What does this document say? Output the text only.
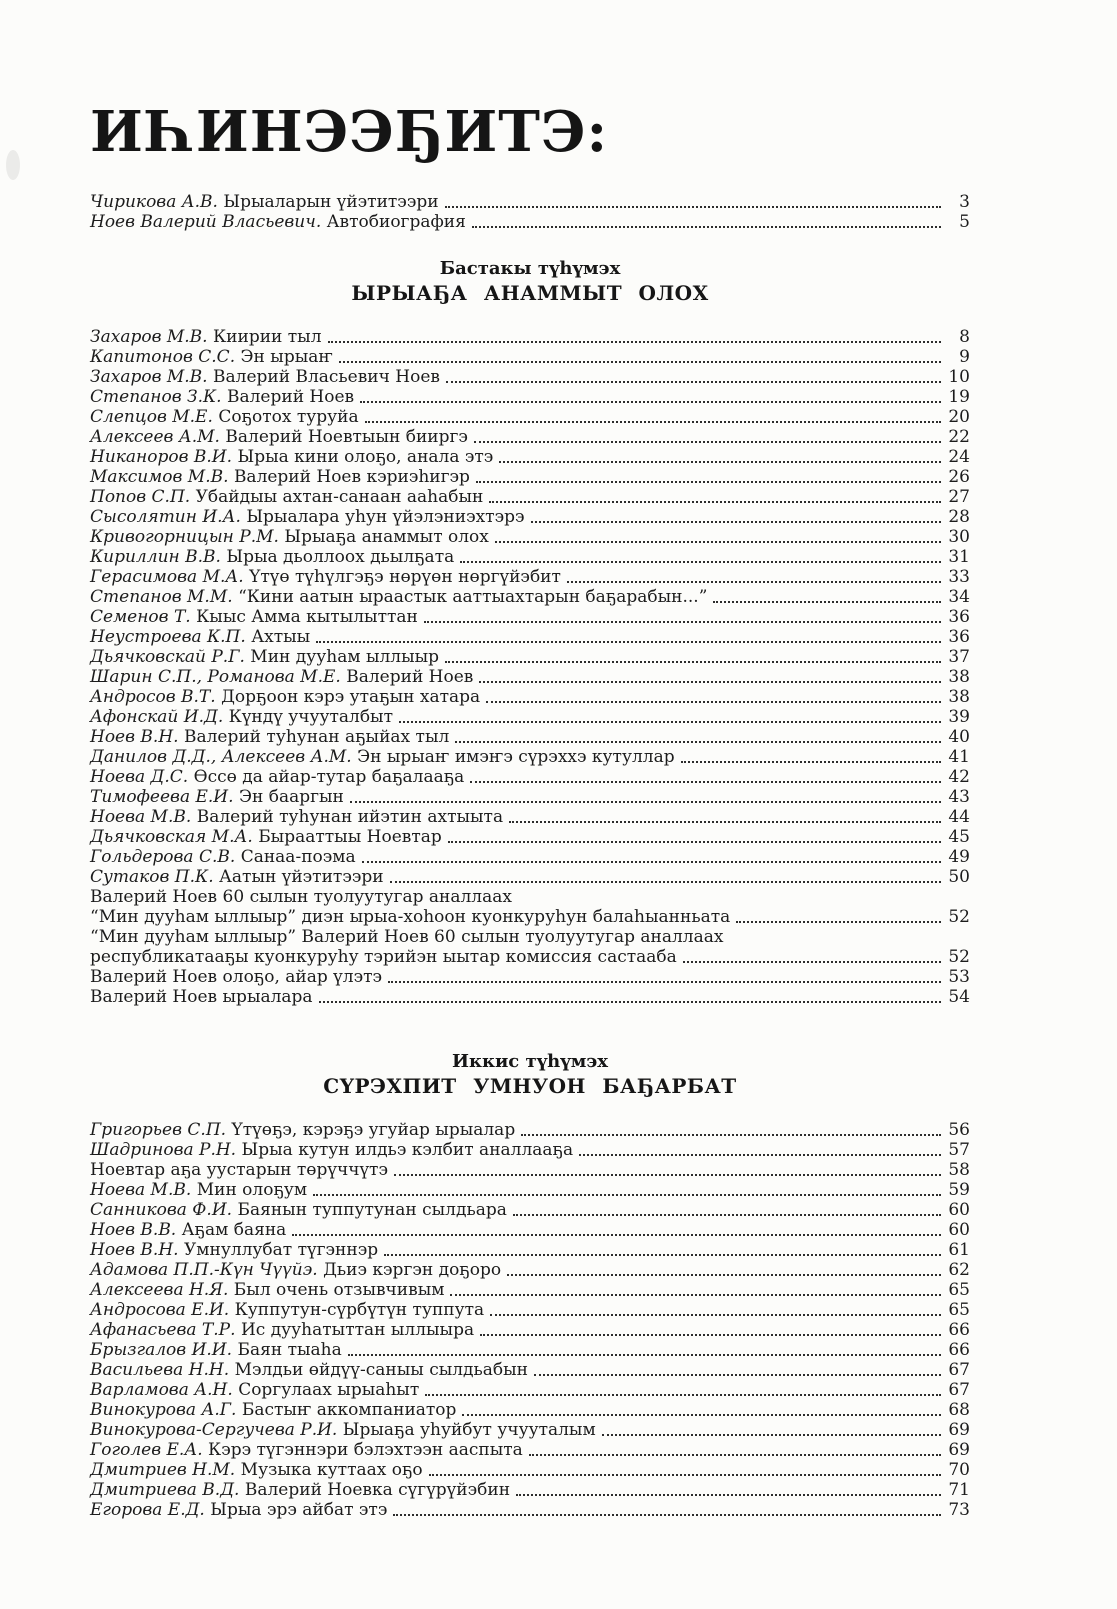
ИҺИНЭЭҔИТЭ:
Чирикова А.В. Ырыаларын үйэтитээри	3
Ноев Валерий Власьевич. Автобиография	5
Бастакы түһүмэх
ЫРЫАҔА АНАММЫТ ОЛОХ
Захаров М.В. Киирии тыл	8
Капитонов С.С. Эн ырыаҥ	9
Захаров М.В. Валерий Власьевич Ноев	10
Степанов З.К. Валерий Ноев	19
Слепцов М.Е. Соҕотох туруйа	20
Алексеев А.М. Валерий Ноевтыын бииргэ	22
Никаноров В.И. Ырыа кини олоҕо, анала этэ	24
Максимов М.В. Валерий Ноев кэриэһигэр	26
Попов С.П. Убайдыы ахтан-санаан ааһабын	27
Сысолятин И.А. Ырыалара уһун үйэлэниэхтэрэ	28
Кривогорницын Р.М. Ырыаҕа анаммыт олох	30
Кириллин В.В. Ырыа дьоллоох дьылҕата	31
Герасимова М.А. Үтүө түһүлгэҕэ нөрүөн нөргүйэбит	33
Степанов М.М. “Кини аатын ыраастык ааттыахтарын баҕарабын...”	34
Семенов Т. Кыыс Амма кытылыттан	36
Неустроева К.П. Ахтыы	36
Дьячковскай Р.Г. Мин дууһам ыллыыр	37
Шарин С.П., Романова М.Е. Валерий Ноев	38
Андросов В.Т. Дорҕоон кэрэ утаҕын хатара	38
Афонскай И.Д. Күндү учууталбыт	39
Ноев В.Н. Валерий туһунан аҕыйах тыл	40
Данилов Д.Д., Алексеев А.М. Эн ырыаҥ имэҥэ сүрэххэ кутуллар	41
Ноева Д.С. Өссө да айар-тутар баҕалааҕа	42
Тимофеева Е.И. Эн бааргын	43
Ноева М.В. Валерий туһунан ийэтин ахтыыта	44
Дьячковская М.А. Бырааттыы Ноевтар	45
Гольдерова С.В. Санаа-поэма	49
Сутаков П.К. Аатын үйэтитээри	50
Валерий Ноев 60 сылын туолуутугар аналлаах
“Мин дууһам ыллыыр” диэн ырыа-хоһоон куонкуруһун балаһыанньата	52
“Мин дууһам ыллыыр” Валерий Ноев 60 сылын туолуутугар аналлаах
республикатааҕы куонкуруһу тэрийэн ыытар комиссия састааба	52
Валерий Ноев олоҕо, айар үлэтэ	53
Валерий Ноев ырыалара	54
Иккис түһүмэх
СҮРЭХПИТ УМНУОН БАҔАРБАТ
Григорьев С.П. Үтүөҕэ, кэрэҕэ угуйар ырыалар	56
Шадринова Р.Н. Ырыа кутун илдьэ кэлбит аналлааҕа	57
Ноевтар аҕа уустарын төрүччүтэ	58
Ноева М.В. Мин олоҕум	59
Санникова Ф.И. Баянын туппутунан сылдьара	60
Ноев В.В. Аҕам баяна	60
Ноев В.Н. Умнуллубат түгэннэр	61
Адамова П.П.-Күн Чүүйэ. Дьиэ кэргэн доҕоро	62
Алексеева Н.Я. Был очень отзывчивым	65
Андросова Е.И. Куппутун-сүрбүтүн туппута	65
Афанасьева Т.Р. Ис дууһатыттан ыллыыра	66
Брызгалов И.И. Баян тыаһа	66
Васильева Н.Н. Мэлдьи өйдүү-саныы сылдьабын	67
Варламова А.Н. Соргулаах ырыаһыт	67
Винокурова А.Г. Бастыҥ аккомпаниатор	68
Винокурова-Сергучева Р.И. Ырыаҕа уһуйбут учууталым	69
Гоголев Е.А. Кэрэ түгэннэри бэлэхтээн ааспыта	69
Дмитриев Н.М. Музыка куттаах оҕо	70
Дмитриева В.Д. Валерий Ноевка сүгүрүйэбин	71
Егорова Е.Д. Ырыа эрэ айбат этэ	73
